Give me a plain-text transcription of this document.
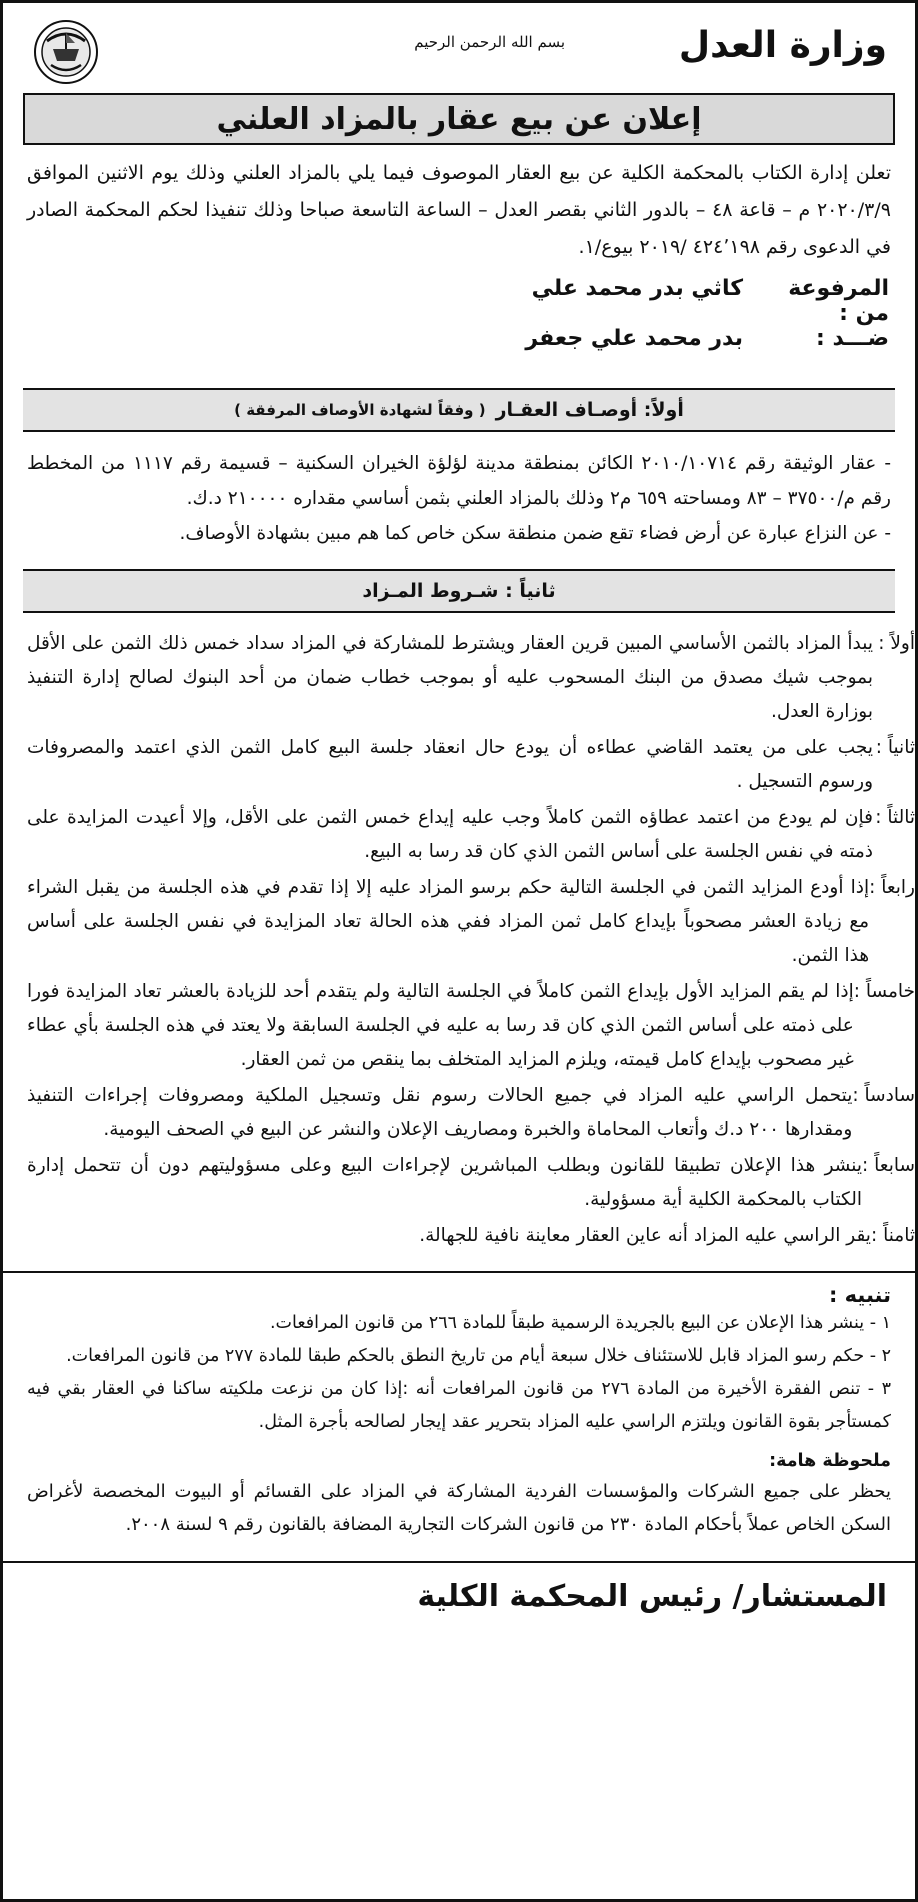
وزارة العدل
بسم الله الرحمن الرحيم
إعلان عن بيع عقار بالمزاد العلني
تعلن إدارة الكتاب بالمحكمة الكلية عن بيع العقار الموصوف فيما يلي بالمزاد العلني وذلك يوم الاثنين الموافق ٢٠٢٠/٣/٩ م – قاعة ٤٨ – بالدور الثاني بقصر العدل – الساعة التاسعة صباحا وذلك تنفيذا لحكم المحكمة الصادر في الدعوى رقم ٤٢٤٬١٩٨ /٢٠١٩ بيوع/١.
المرفوعة من :
كاثي بدر محمد علي
ضـــد :
بدر محمد علي جعفر
أولاً: أوصـاف العقـار
( وفقاً لشهادة الأوصاف المرفقة )

- عقار الوثيقة رقم ٢٠١٠/١٠٧١٤ الكائن بمنطقة مدينة لؤلؤة الخيران السكنية – قسيمة رقم ١١١٧ من المخطط رقم م/٣٧٥٠٠ – ٨٣ ومساحته ٦٥٩ م٢ وذلك بالمزاد العلني بثمن أساسي مقداره ٢١٠٠٠٠ د.ك.

- عن النزاع عبارة عن أرض فضاء تقع ضمن منطقة سكن خاص كما هم مبين بشهادة الأوصاف.

ثانياً : شـروط المـزاد
أولاً :
يبدأ المزاد بالثمن الأساسي المبين قرين العقار ويشترط للمشاركة في المزاد سداد خمس ذلك الثمن على الأقل بموجب شيك مصدق من البنك المسحوب عليه أو بموجب خطاب ضمان من أحد البنوك لصالح إدارة التنفيذ بوزارة العدل.
ثانياً :
يجب على من يعتمد القاضي عطاءه أن يودع حال انعقاد جلسة البيع كامل الثمن الذي اعتمد والمصروفات ورسوم التسجيل .
ثالثاً :
فإن لم يودع من اعتمد عطاؤه الثمن كاملاً وجب عليه إيداع خمس الثمن على الأقل، وإلا أعيدت المزايدة على ذمته في نفس الجلسة على أساس الثمن الذي كان قد رسا به البيع.
رابعاً :
إذا أودع المزايد الثمن في الجلسة التالية حكم برسو المزاد عليه إلا إذا تقدم في هذه الجلسة من يقبل الشراء مع زيادة العشر مصحوباً بإيداع كامل ثمن المزاد ففي هذه الحالة تعاد المزايدة في نفس الجلسة على أساس هذا الثمن.
خامساً :
إذا لم يقم المزايد الأول بإيداع الثمن كاملاً في الجلسة التالية ولم يتقدم أحد للزيادة بالعشر تعاد المزايدة فورا على ذمته على أساس الثمن الذي كان قد رسا به عليه في الجلسة السابقة ولا يعتد في هذه الجلسة بأي عطاء غير مصحوب بإيداع كامل قيمته، ويلزم المزايد المتخلف بما ينقص من ثمن العقار.
سادساً :
يتحمل الراسي عليه المزاد في جميع الحالات رسوم نقل وتسجيل الملكية ومصروفات إجراءات التنفيذ ومقدارها ٢٠٠ د.ك وأتعاب المحاماة والخبرة ومصاريف الإعلان والنشر عن البيع في الصحف اليومية.
سابعاً :
ينشر هذا الإعلان تطبيقا للقانون وبطلب المباشرين لإجراءات البيع وعلى مسؤوليتهم دون أن تتحمل إدارة الكتاب بالمحكمة الكلية أية مسؤولية.
ثامناً :
يقر الراسي عليه المزاد أنه عاين العقار معاينة نافية للجهالة.
تنبيه :
١ - ينشر هذا الإعلان عن البيع بالجريدة الرسمية طبقاً للمادة ٢٦٦ من قانون المرافعات.
٢ - حكم رسو المزاد قابل للاستئناف خلال سبعة أيام من تاريخ النطق بالحكم طبقا للمادة ٢٧٧ من قانون المرافعات.
٣ - تنص الفقرة الأخيرة من المادة ٢٧٦ من قانون المرافعات أنه :إذا كان من نزعت ملكيته ساكنا في العقار بقي فيه كمستأجر بقوة القانون ويلتزم الراسي عليه المزاد بتحرير عقد إيجار لصالحه بأجرة المثل.
ملحوظة هامة:
يحظر على جميع الشركات والمؤسسات الفردية المشاركة في المزاد على القسائم أو البيوت المخصصة لأغراض السكن الخاص عملاً بأحكام المادة ٢٣٠ من قانون الشركات التجارية المضافة بالقانون رقم ٩ لسنة ٢٠٠٨.
المستشار/ رئيس المحكمة الكلية
